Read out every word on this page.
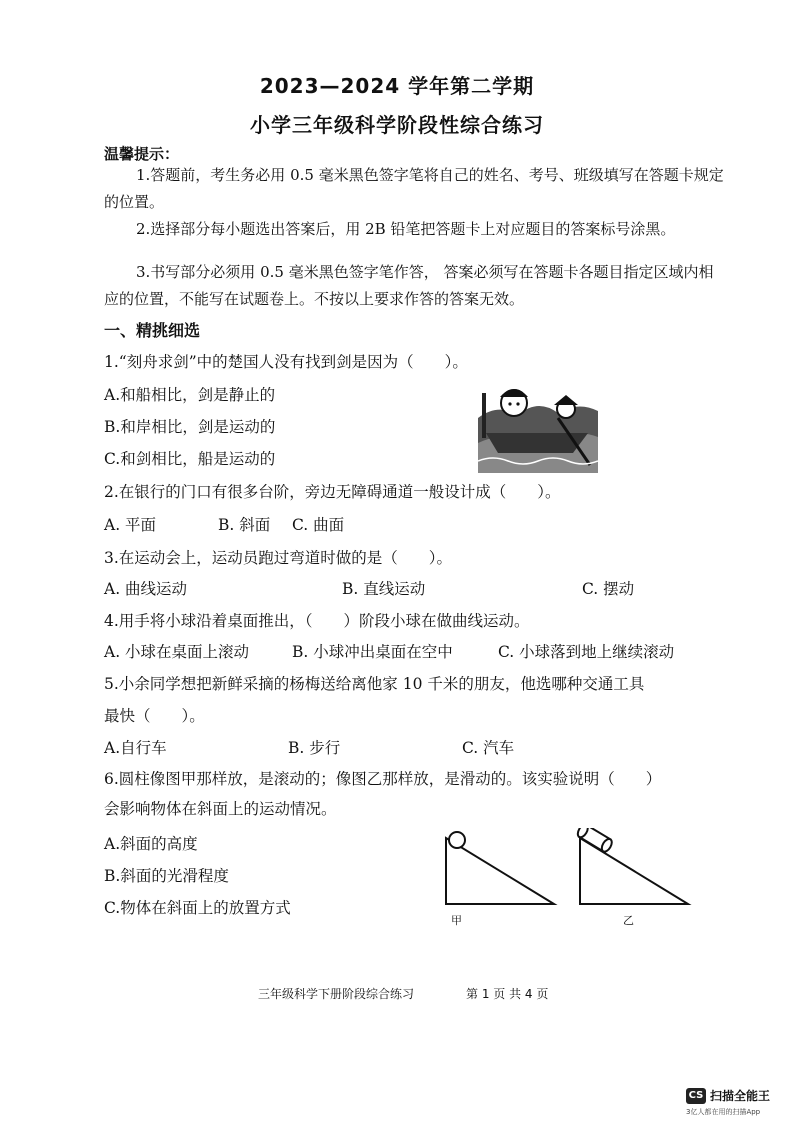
2023—2024 学年第二学期
小学三年级科学阶段性综合练习
温馨提示：
1.答题前，考生务必用 0.5 毫米黑色签字笔将自己的姓名、考号、班级填写在答题卡规定的位置。
2.选择部分每小题选出答案后，用 2B 铅笔把答题卡上对应题目的答案标号涂黑。
3.书写部分必须用 0.5 毫米黑色签字笔作答， 答案必须写在答题卡各题目指定区域内相应的位置，不能写在试题卷上。不按以上要求作答的答案无效。
一、精挑细选
1.“刻舟求剑”中的楚国人没有找到剑是因为（　　）。
A.和船相比，剑是静止的
B.和岸相比，剑是运动的
C.和剑相比，船是运动的
2.在银行的门口有很多台阶，旁边无障碍通道一般设计成（　　）。
A. 平面	B. 斜面 C. 曲面
3.在运动会上，运动员跑过弯道时做的是（　　）。
A. 曲线运动	B. 直线运动	C. 摆动
4.用手将小球沿着桌面推出，（　　）阶段小球在做曲线运动。
A. 小球在桌面上滚动	B. 小球冲出桌面在空中	C. 小球落到地上继续滚动
5.小余同学想把新鲜采摘的杨梅送给离他家 10 千米的朋友，他选哪种交通工具
最快（　　）。
A.自行车	B. 步行	C. 汽车
6.圆柱像图甲那样放，是滚动的；像图乙那样放，是滑动的。该实验说明（　　）
会影响物体在斜面上的运动情况。
A.斜面的高度
B.斜面的光滑程度
C.物体在斜面上的放置方式
甲	乙
三年级科学下册阶段综合练习	第 1 页 共 4 页
CS 扫描全能王
3亿人都在用的扫描App
